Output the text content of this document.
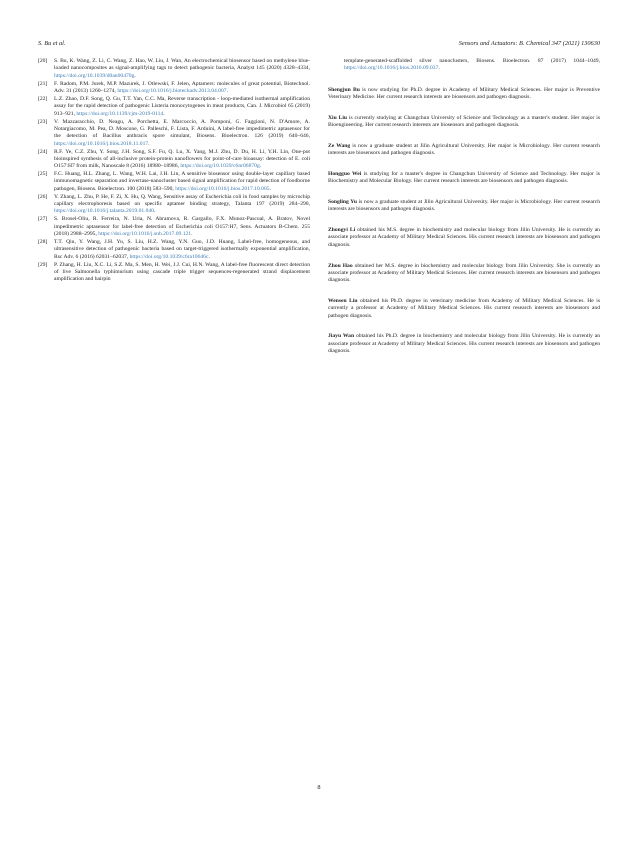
S. Bu et al.	Sensors and Actuators: B. Chemical 347 (2021) 130630
[20]	S. Bu, K. Wang, Z. Li, C. Wang, Z. Hao, W. Liu, J. Wan, An electrochemical biosensor based on methylene blue-loaded nanocomposites as signal-amplifying tags to detect pathogenic bacteria, Analyst 145 (2020) 4328–4334, https://doi.org/10.1039/d0an00470g.
[21]	F. Radom, P.M. Jurek, M.P. Mazurek, J. Otlewski, F. Jelen, Aptamers: molecules of great potential, Biotechnol. Adv. 31 (2013) 1260–1274, https://doi.org/10.1016/j.biotechadv.2013.04.007.
[22]	L.Z. Zhao, D.F. Song, Q. Gu, T.T. Yan, C.C. Ma, Reverse transcription - loop-mediated isothermal amplification assay for the rapid detection of pathogenic Listeria monocytogenes in meat products, Can. J. Microbiol 65 (2019) 913–921, https://doi.org/10.1139/cjm-2019-0114.
[23]	V. Mazzaracchio, D. Neagu, A. Porchetta, E. Marcoccio, A. Pomponi, G. Faggioni, N. D'Amore, A. Notargiacomo, M. Pea, D. Moscone, G. Palleschi, F. Lista, F. Arduini, A label-free impedimetric aptasensor for the detection of Bacillus anthracis spore simulant, Biosens. Bioelectron. 126 (2019) 640–646, https://doi.org/10.1016/j.bios.2018.11.017.
[24]	R.F. Ye, C.Z. Zhu, Y. Song, J.H. Song, S.F. Fu, Q. Lu, X. Yang, M.J. Zhu, D. Du, H. Li, Y.H. Lin, One-pot bioinspired synthesis of all-inclusive protein-protein nanoflowers for point-of-care bioassay: detection of E. coli O157:H7 from milk, Nanoscale 8 (2016) 18980–18986, https://doi.org/10.1039/c6nr06870g.
[25]	F.C. Huang, H.L. Zhang, L. Wang, W.H. Lai, J.H. Lin, A sensitive biosensor using double-layer capillary based immunomagnetic separation and invertase-nanocluster based signal amplification for rapid detection of foodborne pathogen, Biosens. Bioelectron. 100 (2018) 583–590, https://doi.org/10.1016/j.bios.2017.10.005.
[26]	Y. Zhang, L. Zhu, P. He, F. Zi, X. Hu, Q. Wang, Sensitive assay of Escherichia coli in food samples by microchip capillary electrophoresis based on specific aptamer binding strategy, Talanta 197 (2019) 284–290, https://doi.org/10.1016/j.talanta.2019.01.040.
[27]	S. Brosel-Oliu, R. Ferreira, N. Uria, N. Abramova, R. Gargallo, F.X. Munoz-Pascual, A. Bratov, Novel impedimetric aptasensor for label-free detection of Escherichia coli O157:H7, Sens. Actuators B-Chem. 255 (2018) 2988–2995, https://doi.org/10.1016/j.snb.2017.09.121.
[28]	T.T. Qiu, Y. Wang, J.H. Yu, S. Liu, H.Z. Wang, Y.N. Guo, J.D. Huang, Label-free, homogeneous, and ultrasensitive detection of pathogenic bacteria based on target-triggered isothermally exponential amplification, Rsc Adv. 6 (2016) 62031–62037, https://doi.org/10.1039/c6ra10646c.
[29]	P. Zhang, H. Liu, X.C. Li, S.Z. Ma, S. Men, H. Wei, J.J. Cui, H.N. Wang, A label-free fluorescent direct detection of live Salmonella typhimurium using cascade triple trigger sequences-regenerated strand displacement amplification and hairpin
template-generated-scaffolded silver nanoclusters, Biosens. Bioelectron. 87 (2017) 1044–1049, https://doi.org/10.1016/j.bios.2016.09.037.
Shengjun Bu is now studying for Ph.D. degree in Academy of Military Medical Sciences. Her major is Preventive Veterinary Medicine. Her current research interests are biosensors and pathogen diagnosis.
Xiu Liu is currently studying at Changchun University of Science and Technology as a master's student. Her major is Bioengineering. Her current research interests are biosensors and pathogen diagnosis.
Ze Wang is now a graduate student at Jilin Agricultural University. Her major is Microbiology. Her current research interests are biosensors and pathogen diagnosis.
Hongguo Wei is studying for a master's degree in Changchun University of Science and Technology. Her major is Biochemistry and Molecular Biology. Her current research interests are biosensors and pathogen diagnosis.
Songling Yu is now a graduate student at Jilin Agricultural University. Her major is Microbiology. Her current research interests are biosensors and pathogen diagnosis.
Zhongyi Li obtained his M.S. degree in biochemistry and molecular biology from Jilin University. He is currently an associate professor at Academy of Military Medical Sciences. His current research interests are biosensors and pathogen diagnosis.
Zhou Hao obtained her M.S. degree in biochemistry and molecular biology from Jilin University. She is currently an associate professor at Academy of Military Medical Sciences. Her current research interests are biosensors and pathogen diagnosis.
Wensen Liu obtained his Ph.D. degree in veterinary medicine from Academy of Military Medical Sciences. He is currently a professor at Academy of Military Medical Sciences. His current research interests are biosensors and pathogen diagnosis.
Jiayu Wan obtained his Ph.D. degree in biochemistry and molecular biology from Jilin University. He is currently an associate professor at Academy of Military Medical Sciences. His current research interests are biosensors and pathogen diagnosis.
8
